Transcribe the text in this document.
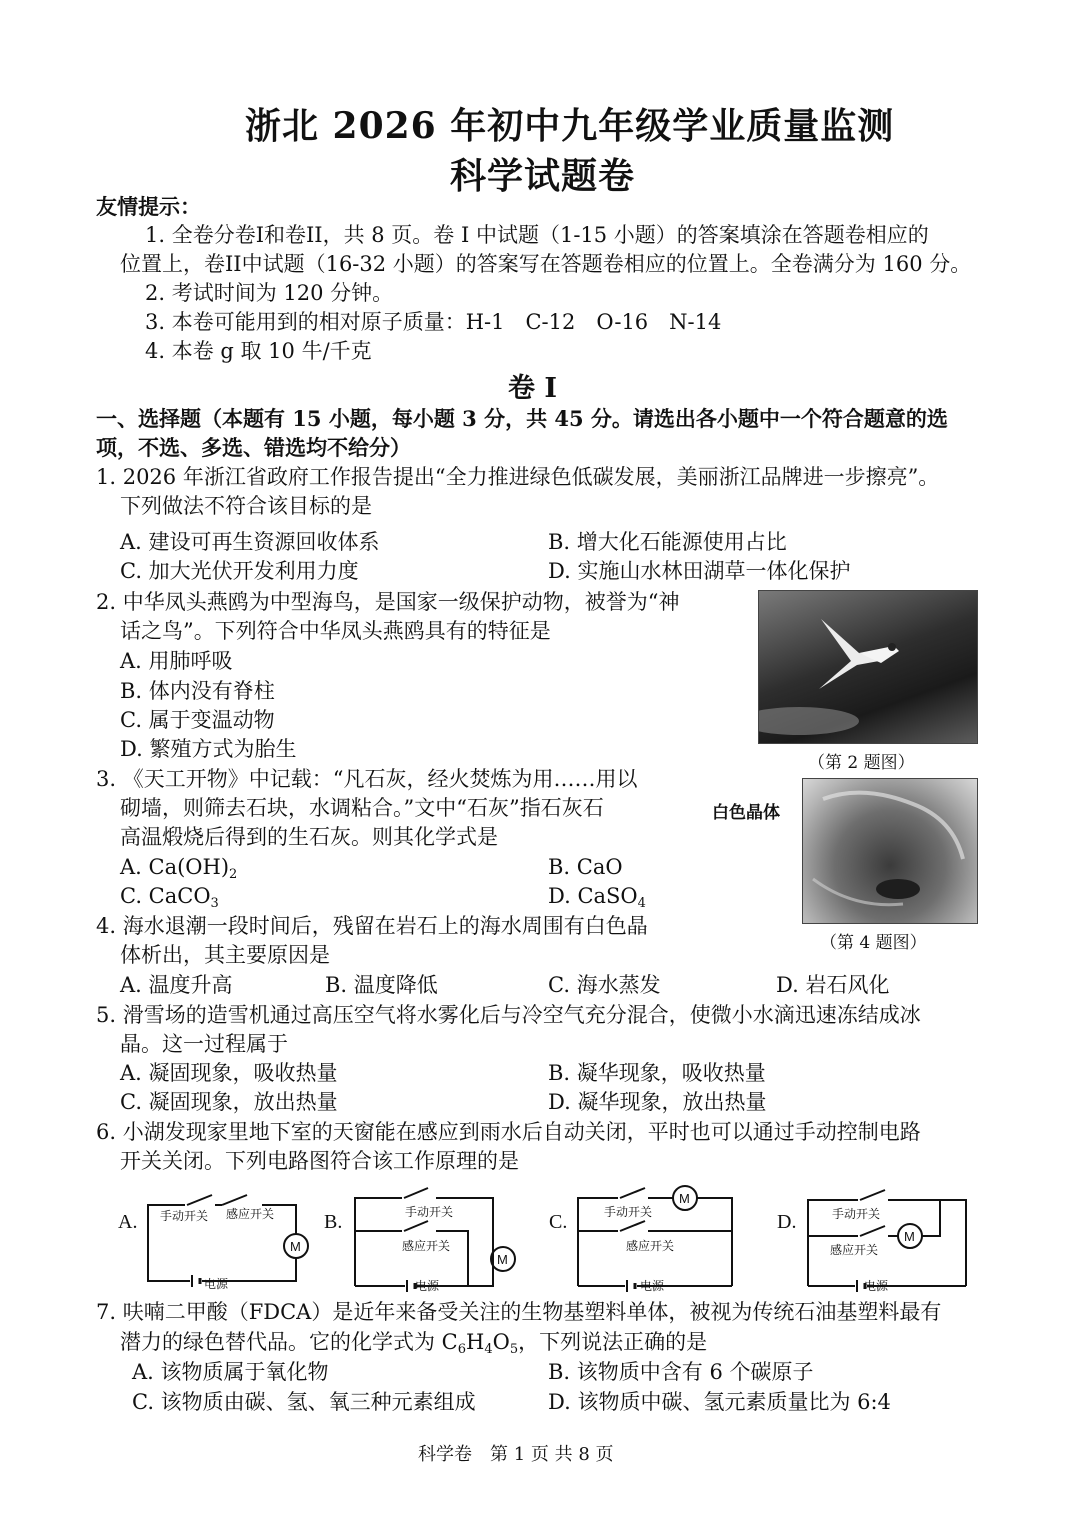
浙北 2026 年初中九年级学业质量监测
科学试题卷
友情提示：
1. 全卷分卷I和卷II，共 8 页。卷 I 中试题（1-15 小题）的答案填涂在答题卷相应的
位置上，卷II中试题（16-32 小题）的答案写在答题卷相应的位置上。全卷满分为 160 分。
2. 考试时间为 120 分钟。
3. 本卷可能用到的相对原子质量：H-1　C-12　O-16　N-14
4. 本卷 g 取 10 牛/千克
卷 I
一、选择题（本题有 15 小题，每小题 3 分，共 45 分。请选出各小题中一个符合题意的选
项，不选、多选、错选均不给分）
1. 2026 年浙江省政府工作报告提出“全力推进绿色低碳发展，美丽浙江品牌进一步擦亮”。
下列做法不符合该目标的是
A. 建设可再生资源回收体系	B. 增大化石能源使用占比
C. 加大光伏开发利用力度	D. 实施山水林田湖草一体化保护
2. 中华凤头燕鸥为中型海鸟，是国家一级保护动物，被誉为“神
话之鸟”。下列符合中华凤头燕鸥具有的特征是
A. 用肺呼吸
B. 体内没有脊柱
C. 属于变温动物
D. 繁殖方式为胎生
（第 2 题图）
3. 《天工开物》中记载：“凡石灰，经火焚炼为用……用以
砌墙，则筛去石块，水调粘合。”文中“石灰”指石灰石
高温煅烧后得到的生石灰。则其化学式是
A. $Ca(OH)_2$	B. CaO
C. CaCO$_3$	D. CaSO$_4$
白色晶体
（第 4 题图）
4. 海水退潮一段时间后，残留在岩石上的海水周围有白色晶
体析出，其主要原因是
A. 温度升高	B. 温度降低	C. 海水蒸发	D. 岩石风化
5. 滑雪场的造雪机通过高压空气将水雾化后与冷空气充分混合，使微小水滴迅速冻结成冰
晶。这一过程属于
A. 凝固现象，吸收热量	B. 凝华现象，吸收热量
C. 凝固现象，放出热量	D. 凝华现象，放出热量
6. 小湖发现家里地下室的天窗能在感应到雨水后自动关闭，平时也可以通过手动控制电路
开关关闭。下列电路图符合该工作原理的是
A.	B.	C.	D.
手动开关 感应开关
电源
M
手动开关
感应开关
电源
M
手动开关
感应开关
电源
M
手动开关
感应开关
电源
M
7. 呋喃二甲酸（FDCA）是近年来备受关注的生物基塑料单体，被视为传统石油基塑料最有
潜力的绿色替代品。它的化学式为 $C_6H_4O_5$，下列说法正确的是
A. 该物质属于氧化物	B. 该物质中含有 6 个碳原子
C. 该物质由碳、氢、氧三种元素组成	D. 该物质中碳、氢元素质量比为 6:4
科学卷　第 1 页 共 8 页
